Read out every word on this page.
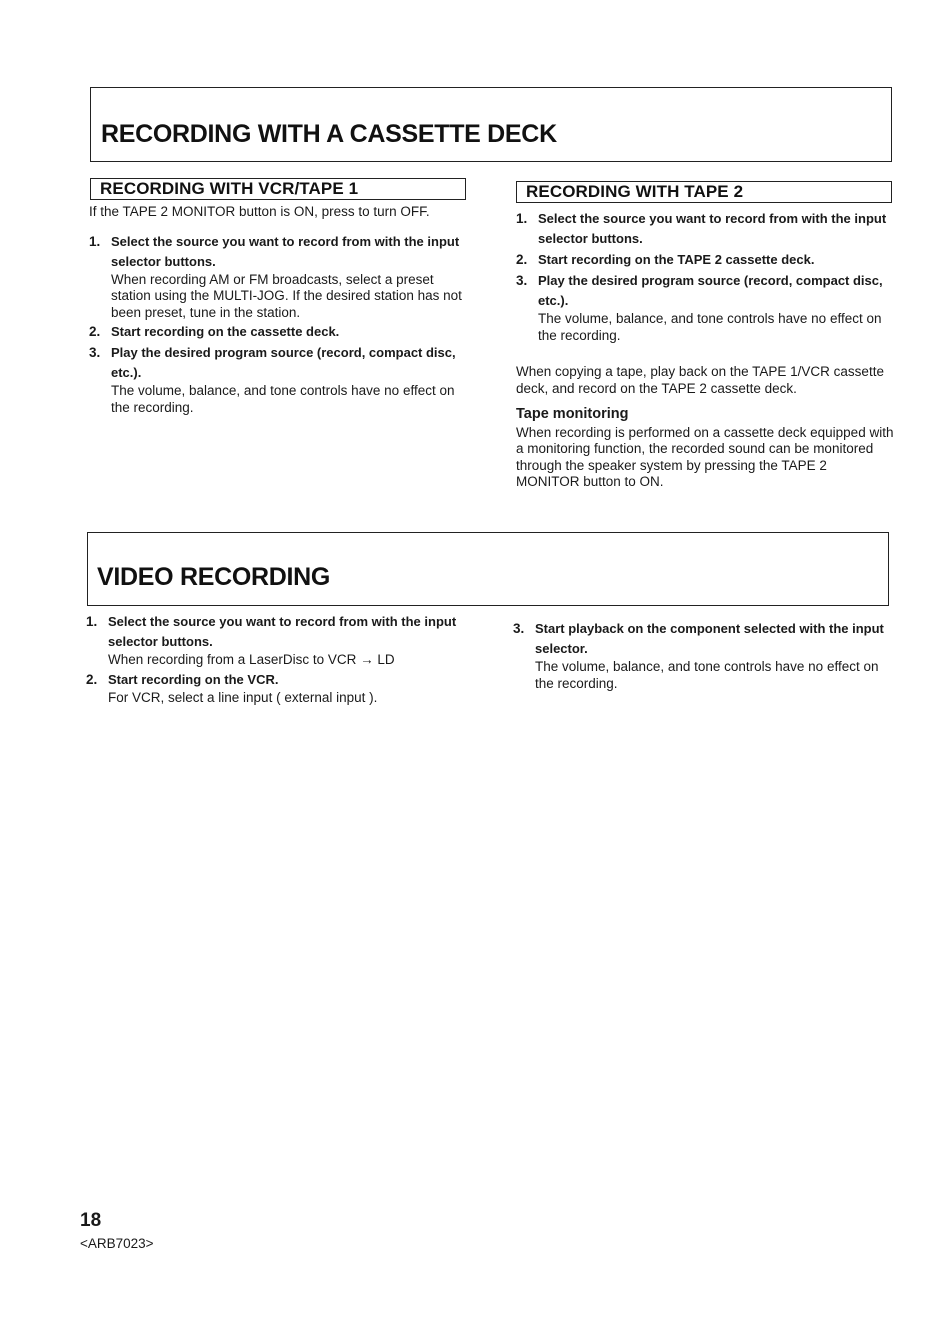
RECORDING WITH A CASSETTE DECK
RECORDING WITH VCR/TAPE 1

If the TAPE 2 MONITOR button is ON, press to turn OFF.

1. Select the source you want to record from with the input selector buttons.
When recording AM or FM broadcasts, select a preset station using the MULTI-JOG. If the desired station has not been preset, tune in the station.
2. Start recording on the cassette deck.
3. Play the desired program source (record, compact disc, etc.).
The volume, balance, and tone controls have no effect on the recording.
RECORDING WITH TAPE 2
1. Select the source you want to record from with the input selector buttons.
2. Start recording on the TAPE 2 cassette deck.
3. Play the desired program source (record, compact disc, etc.).
The volume, balance, and tone controls have no effect on the recording.

When copying a tape, play back on the TAPE 1/VCR cassette deck, and record on the TAPE 2 cassette deck.

Tape monitoring

When recording is performed on a cassette deck equipped with a monitoring function, the recorded sound can be monitored through the speaker system by pressing the TAPE 2 MONITOR button to ON.

VIDEO RECORDING
1. Select the source you want to record from with the input selector buttons.
When recording from a LaserDisc to VCR → LD
2. Start recording on the VCR.
For VCR, select a line input ( external input ).
3. Start playback on the component selected with the input selector.
The volume, balance, and tone controls have no effect on the recording.
18
<ARB7023>
